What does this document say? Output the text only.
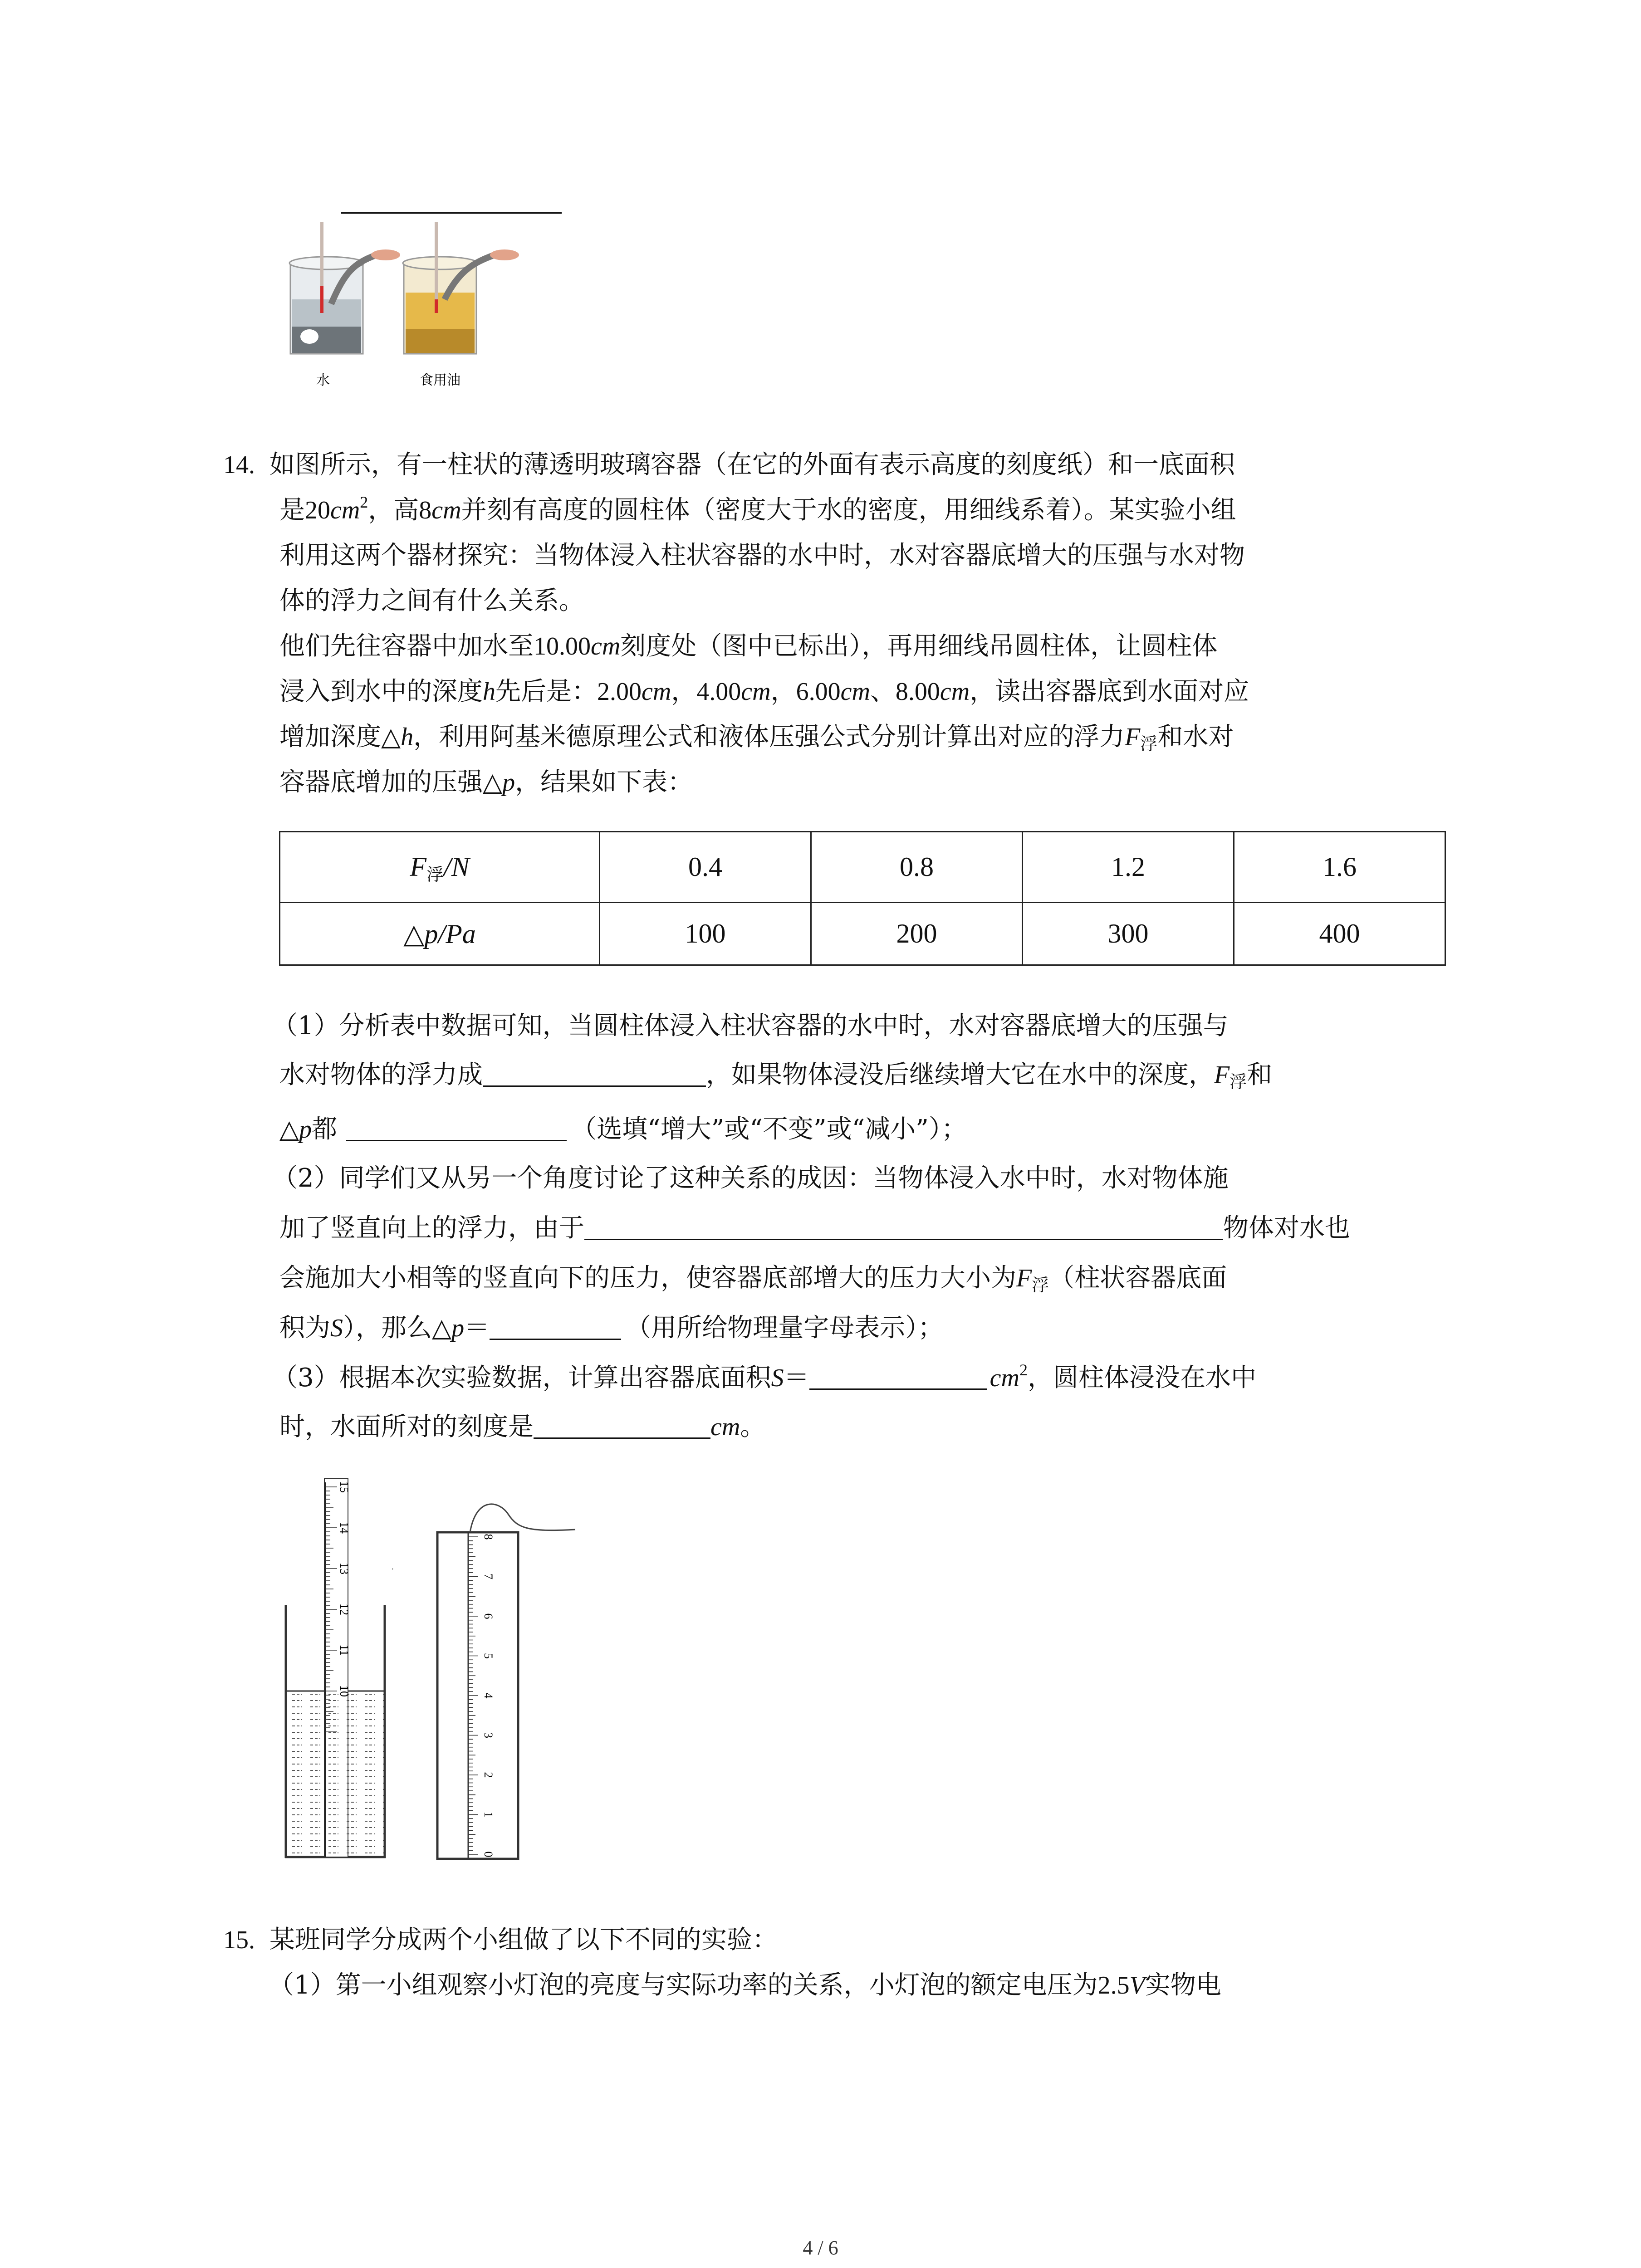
水	食用油
14. 如图所示，有一柱状的薄透明玻璃容器（在它的外面有表示高度的刻度纸）和一底面积
是$20cm^2$，高8cm并刻有高度的圆柱体（密度大于水的密度，用细线系着）。某实验小组
利用这两个器材探究：当物体浸入柱状容器的水中时，水对容器底增大的压强与水对物
体的浮力之间有什么关系。
他们先往容器中加水至10.00cm刻度处（图中已标出），再用细线吊圆柱体，让圆柱体
浸入到水中的深度h先后是：2.00cm，4.00cm，6.00cm、8.00cm，读出容器底到水面对应
增加深度△h，利用阿基米德原理公式和液体压强公式分别计算出对应的浮力$F_浮$和水对
容器底增加的压强△p，结果如下表：
$F_浮/N$	0.4	0.8	1.2	1.6
△p/Pa	100	200	300	400
（1）分析表中数据可知，当圆柱体浸入柱状容器的水中时，水对容器底增大的压强与
水对物体的浮力成	，如果物体浸没后继续增大它在水中的深度，$F_浮$和
△p都	（选填“增大”或“不变”或“减小”）；
（2）同学们又从另一个角度讨论了这种关系的成因：当物体浸入水中时，水对物体施
加了竖直向上的浮力，由于	物体对水也
会施加大小相等的竖直向下的压力，使容器底部增大的压力大小为$F_浮$（柱状容器底面
积为S），那么△p＝	（用所给物理量字母表示）；
（3）根据本次实验数据，计算出容器底面积S＝	$cm^2$，圆柱体浸没在水中
时，水面所对的刻度是	cm。
10
11
12
13
14
15
.
0
1
2
3
4
5
6
7
8
15. 某班同学分成两个小组做了以下不同的实验：
（1）第一小组观察小灯泡的亮度与实际功率的关系，小灯泡的额定电压为2.5V实物电
4 / 6
